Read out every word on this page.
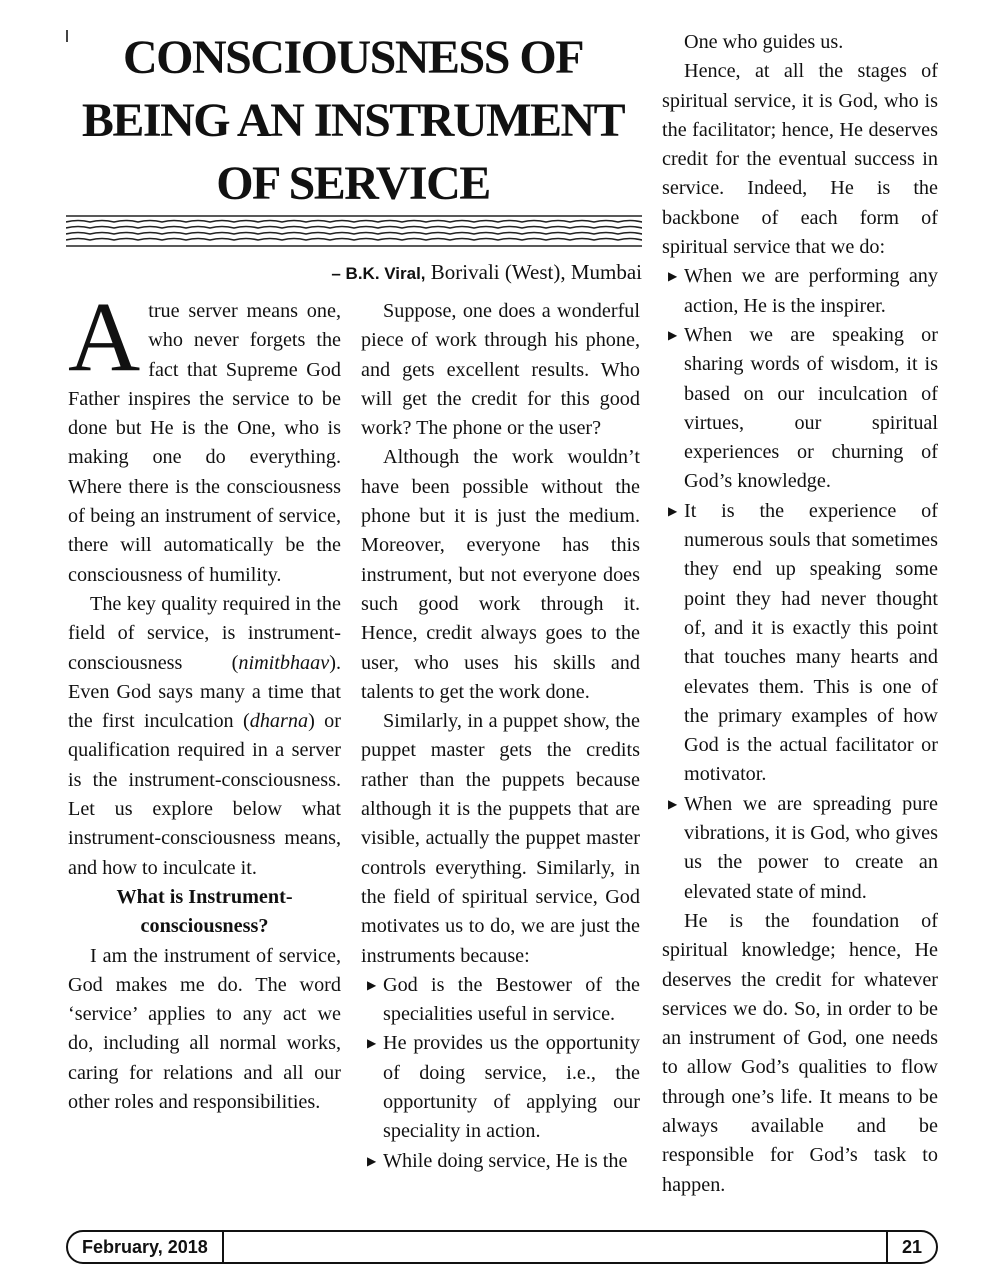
CONSCIOUSNESS OF
BEING AN INSTRUMENT
OF SERVICE
– B.K. Viral, Borivali (West), Mumbai

Atrue server means one, who never forgets the fact that Supreme God Father inspires the service to be done but He is the One, who is making one do everything. Where there is the consciousness of being an instrument of service, there will automatically be the consciousness of humility.

The key quality required in the field of service, is instrument-consciousness (nimitbhaav). Even God says many a time that the first inculcation (dharna) or qualification required in a server is the instrument-consciousness. Let us explore below what instrument-consciousness means, and how to inculcate it.

What is Instrument-consciousness?

I am the instrument of service, God makes me do. The word ‘service’ applies to any act we do, including all normal works, caring for relations and all our other roles and responsibilities.

Suppose, one does a wonderful piece of work through his phone, and gets excellent results. Who will get the credit for this good work? The phone or the user?

Although the work wouldn’t have been possible without the phone but it is just the medium. Moreover, everyone has this instrument, but not everyone does such good work through it. Hence, credit always goes to the user, who uses his skills and talents to get the work done.

Similarly, in a puppet show, the puppet master gets the credits rather than the puppets because although it is the puppets that are visible, actually the puppet master controls everything. Similarly, in the field of spiritual service, God motivates us to do, we are just the instruments because:

▶ God is the Bestower of the specialities useful in service.

▶ He provides us the opportunity of doing service, i.e., the opportunity of applying our speciality in action.

▶ While doing service, He is the

One who guides us.

Hence, at all the stages of spiritual service, it is God, who is the facilitator; hence, He deserves credit for the eventual success in service. Indeed, He is the backbone of each form of spiritual service that we do:

▶ When we are performing any action, He is the inspirer.

▶ When we are speaking or sharing words of wisdom, it is based on our inculcation of virtues, our spiritual experiences or churning of God’s knowledge.

▶ It is the experience of numerous souls that sometimes they end up speaking some point they had never thought of, and it is exactly this point that touches many hearts and elevates them. This is one of the primary examples of how God is the actual facilitator or motivator.

▶ When we are spreading pure vibrations, it is God, who gives us the power to create an elevated state of mind.

He is the foundation of spiritual knowledge; hence, He deserves the credit for whatever services we do. So, in order to be an instrument of God, one needs to allow God’s qualities to flow through one’s life. It means to be always available and be responsible for God’s task to happen.

February, 2018	21
